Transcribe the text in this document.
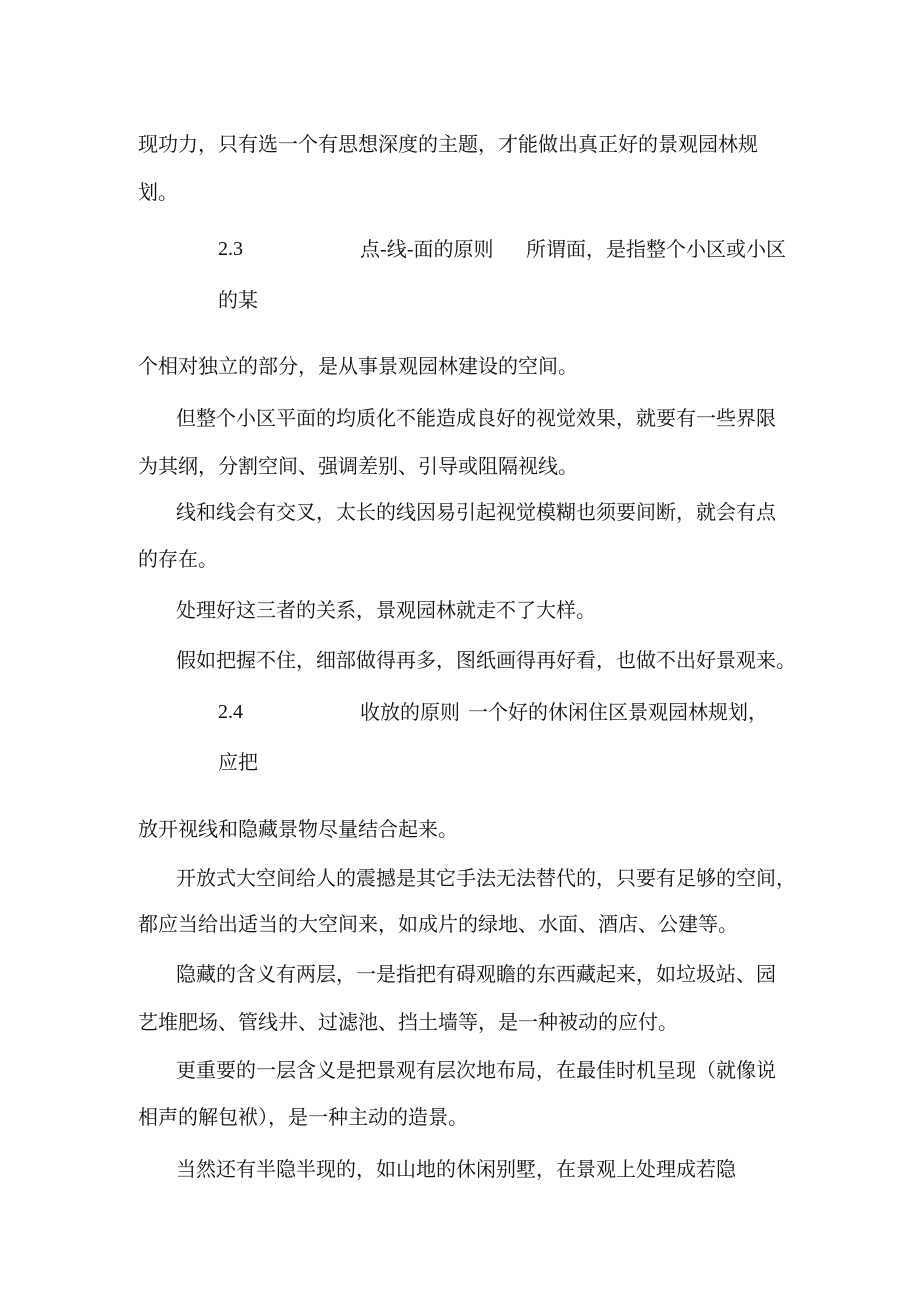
现功力，只有选一个有思想深度的主题，才能做出真正好的景观园林规
划。
2.3	点-线-面的原则 所谓面，是指整个小区或小区
的某
个相对独立的部分，是从事景观园林建设的空间。
但整个小区平面的均质化不能造成良好的视觉效果，就要有一些界限
为其纲，分割空间、强调差别、引导或阻隔视线。
线和线会有交叉，太长的线因易引起视觉模糊也须要间断，就会有点
的存在。
处理好这三者的关系，景观园林就走不了大样。
假如把握不住，细部做得再多，图纸画得再好看，也做不出好景观来。
2.4	收放的原则 一个好的休闲住区景观园林规划，
应把
放开视线和隐藏景物尽量结合起来。
开放式大空间给人的震撼是其它手法无法替代的，只要有足够的空间，
都应当给出适当的大空间来，如成片的绿地、水面、酒店、公建等。
隐藏的含义有两层，一是指把有碍观瞻的东西藏起来，如垃圾站、园
艺堆肥场、管线井、过滤池、挡土墙等，是一种被动的应付。
更重要的一层含义是把景观有层次地布局，在最佳时机呈现（就像说
相声的解包袱），是一种主动的造景。
当然还有半隐半现的，如山地的休闲别墅，在景观上处理成若隐
